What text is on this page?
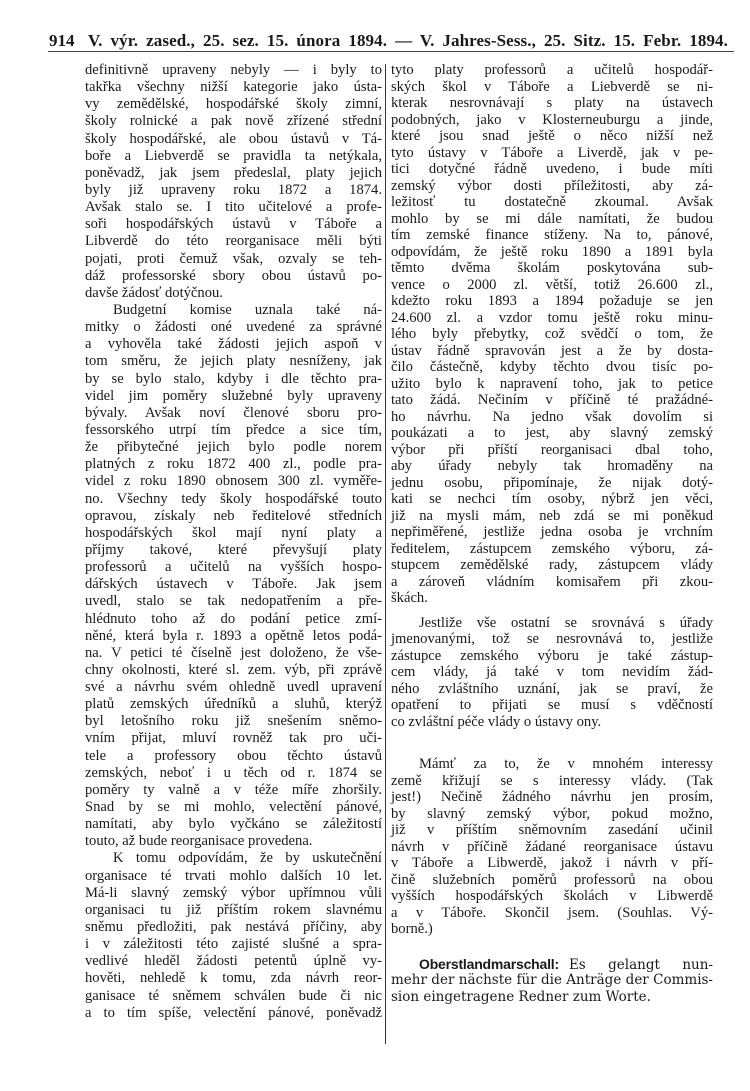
914 V. výr. zased., 25. sez. 15. února 1894. — V. Jahres-Sess., 25. Sitz. 15. Febr. 1894.
definitivně upraveny nebyly — i byly to
takřka všechny nižší kategorie jako ústa-
vy zemědělské, hospodářské školy zimní,
školy rolnické a pak nově zřízené střední
školy hospodářské, ale obou ústavů v Tá-
boře a Liebverdě se pravidla ta netýkala,
poněvadž, jak jsem předeslal, platy jejich
byly již upraveny roku 1872 a 1874.
Avšak stalo se. I tito učitelové a profe-
soři hospodářských ústavů v Táboře a
Libverdě do této reorganisace měli býti
pojati, proti čemuž však, ozvaly se teh-
dáž professorské sbory obou ústavů po-
davše žádosť dotýčnou.
Budgetní komise uznala také ná-
mitky o žádosti oné uvedené za správné
a vyhověla také žádosti jejich aspoň v
tom směru, že jejich platy nesníženy, jak
by se bylo stalo, kdyby i dle těchto pra-
videl jim poměry služebné byly upraveny
bývaly. Avšak noví členové sboru pro-
fessorského utrpí tím předce a sice tím,
že přibytečné jejich bylo podle norem
platných z roku 1872 400 zl., podle pra-
videl z roku 1890 obnosem 300 zl. vyměře-
no. Všechny tedy školy hospodářské touto
opravou, získaly neb ředitelové středních
hospodářských škol mají nyní platy a
příjmy takové, které převyšují platy
professorů a učitelů na vyšších hospo-
dářských ústavech v Táboře. Jak jsem
uvedl, stalo se tak nedopatřením a pře-
hlédnuto toho až do podání petice zmí-
něné, která byla r. 1893 a opětně letos podá-
na. V petici té číselně jest doloženo, že vše-
chny okolnosti, které sl. zem. výb, při zprávě
své a návrhu svém ohledně uvedl upravení
platů zemských úředníků a sluhů, kterýž
byl letošního roku již snešením sněmo-
vním přijat, mluví rovněž tak pro uči-
tele a professory obou těchto ústavů
zemských, neboť i u těch od r. 1874 se
poměry ty valně a v téže míře zhoršily.
Snad by se mi mohlo, velectění pánové,
namítati, aby bylo vyčkáno se záležitostí
touto, až bude reorganisace provedena.
K tomu odpovídám, že by uskutečnění
organisace té trvati mohlo dalších 10 let.
Má-li slavný zemský výbor upřímnou vůli
organisaci tu již příštím rokem slavnému
sněmu předložiti, pak nestává příčiny, aby
i v záležitosti této zajisté slušné a spra-
vedlivé hleděl žádosti petentů úplně vy-
hověti, nehledě k tomu, zda návrh reor-
ganisace té sněmem schválen bude či nic
a to tím spíše, velectění pánové, poněvadž
tyto platy professorů a učitelů hospodář-
ských škol v Táboře a Liebverdě se ni-
kterak nesrovnávají s platy na ústavech
podobných, jako v Klosterneuburgu a jinde,
které jsou snad ještě o něco nižší než
tyto ústavy v Táboře a Liverdě, jak v pe-
tici dotyčné řádně uvedeno, i bude míti
zemský výbor dosti příležitosti, aby zá-
ležitosť tu dostatečně zkoumal. Avšak
mohlo by se mi dále namítati, že budou
tím zemské finance stíženy. Na to, pánové,
odpovídám, že ještě roku 1890 a 1891 byla
těmto dvěma školám poskytována sub-
vence o 2000 zl. větší, totiž 26.600 zl.,
kdežto roku 1893 a 1894 požaduje se jen
24.600 zl. a vzdor tomu ještě roku minu-
lého byly přebytky, což svědčí o tom, že
ústav řádně spravován jest a že by dosta-
čilo částečně, kdyby těchto dvou tisíc po-
užito bylo k napravení toho, jak to petice
tato žádá. Nečiním v příčině té pražádné-
ho návrhu. Na jedno však dovolím si
poukázati a to jest, aby slavný zemský
výbor při příští reorganisaci dbal toho,
aby úřady nebyly tak hromaděny na
jednu osobu, připomínaje, že nijak dotý-
kati se nechci tím osoby, nýbrž jen věci,
již na mysli mám, neb zdá se mi poněkud
nepřiměřené, jestliže jedna osoba je vrchním
ředitelem, zástupcem zemského výboru, zá-
stupcem zemědělské rady, zástupcem vlády
a zároveň vládním komisařem při zkou-
škách.
Jestliže vše ostatní se srovnává s úřady
jmenovanými, tož se nesrovnává to, jestliže
zástupce zemského výboru je také zástup-
cem vlády, já také v tom nevidím žád-
ného zvláštního uznání, jak se praví, že
opatření to přijati se musí s vděčností
co zvláštní péče vlády o ústavy ony.
Mámť za to, že v mnohém interessy
země křižují se s interessy vlády. (Tak
jest!) Nečině žádného návrhu jen prosím,
by slavný zemský výbor, pokud možno,
již v příštím sněmovním zasedání učinil
návrh v příčině žádané reorganisace ústavu
v Táboře a Libwerdě, jakož i návrh v pří-
čině služebních poměrů professorů na obou
vyšších hospodářských školách v Libwerdě
a v Táboře. Skončil jsem. (Souhlas. Vý-
borně.)
Oberstlandmarschall: Es gelangt nun-
mehr der nächste für die Anträge der Commis-
sion eingetragene Redner zum Worte.
